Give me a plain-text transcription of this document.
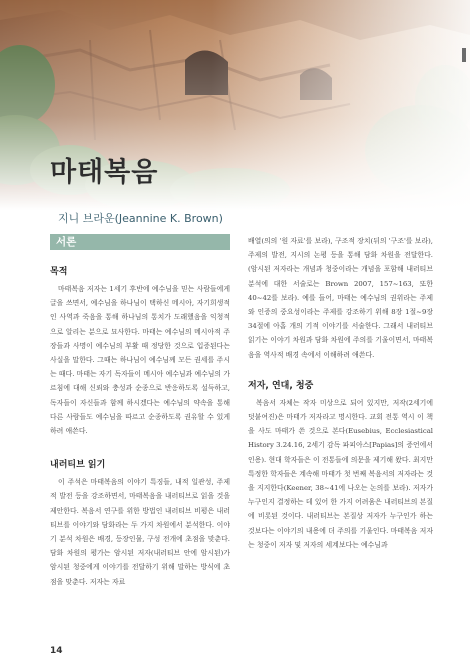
마태복음
지니 브라운(Jeannine K. Brown)
서론
목적

마태복음 저자는 1세기 후반에 예수님을 믿는 사람들에게 글을 쓰면서, 예수님을 하나님이 택하신 메시아, 자기희생적인 사역과 죽음을 통해 하나님의 통치가 도래했음을 익청적으로 알리는 분으로 묘사한다. 마태는 예수님의 메시아적 주장들과 사명이 예수님의 부활 때 정당한 것으로 입증된다는 사실을 말한다. 그때는 하나님이 예수님께 모든 권세를 주시는 때다. 마태는 자기 독자들이 메시아 예수님과 예수님의 가르침에 대해 신뢰와 충성과 순종으로 반응하도록 설득하고, 독자들이 자신들과 함께 하시겠다는 예수님의 약속을 통해 다른 사람들도 예수님을 따르고 순종하도록 권유할 수 있게 하려 애쓴다.

내러티브 읽기

이 주석은 마태복음의 이야기 특징들, 내적 일관성, 주제적 발전 등을 강조하면서, 마태복음을 내러티브로 읽을 것을 제안한다. 복음서 연구를 위한 방법인 내러티브 비평은 내러티브를 이야기와 담화라는 두 가지 차원에서 분석한다. 이야기 분석 차원은 배경, 등장인물, 구성 전개에 초점을 맞춘다. 담화 차원의 평가는 암시된 저자(내러티브 안에 암시된)가 암시된 청중에게 이야기를 전달하기 위해 말하는 방식에 초점을 맞춘다. 저자는 자료

배열(의의 '원 자료'를 보라), 구조적 장치(뒤의 '구조'를 보라), 주제의 발전, 지시의 논평 등을 통해 담화 차원을 전달한다. (암시된 저자라는 개념과 청중이라는 개념을 포함해 내러티브 분석에 대한 서술로는 Brown 2007, 157~163, 또한 40~42를 보라). 예를 들어, 마태는 예수님의 권위라는 주제와 인증의 중요성이라는 주제를 강조하기 위해 8장 1절~9장 34절에 아홉 개의 기적 이야기를 서술한다. 그래서 내러티브 읽기는 이야기 차원과 담화 차원에 주의를 기울이면서, 마태복음을 역사적 배경 속에서 이해하려 애쓴다.

저자, 연대, 청중

복음서 자체는 작자 미상으로 되어 있지만, 저작(2세기에 덧붙여진)은 마태가 저자라고 명시한다. 교회 전통 역시 이 책을 사도 마태가 쓴 것으로 본다(Eusebius, Ecclesiastical History 3.24.16, 2세기 감독 파피아스[Papias]의 증언에서 인용). 현대 학자들은 이 전통들에 의문을 제기해 왔다. 최지만 특정한 학자들은 계속해 마태가 첫 번째 복음서의 저자라는 것을 지지한다(Keener, 38~41에 나오는 논의를 보라). 저자가 누구인지 결정하는 데 있어 한 가지 어려움은 내러티브의 본질에 비롯된 것이다. 내러티브는 본질상 저자가 누구인가 하는 것보다는 이야기의 내용에 더 주의를 기울인다. 마태복음 저자는 청중이 저자 및 저자의 세계보다는 예수님과

14
